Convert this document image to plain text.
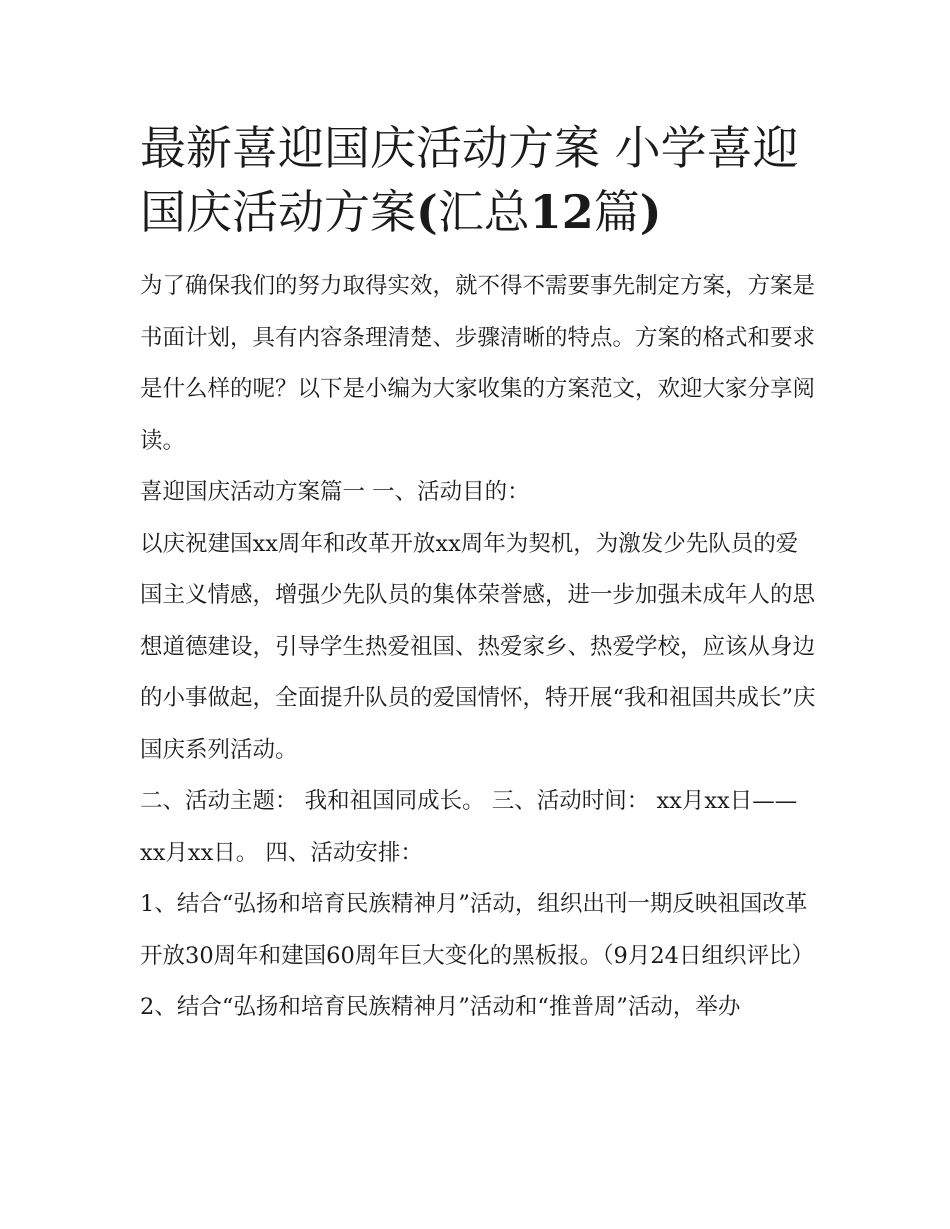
最新喜迎国庆活动方案 小学喜迎国庆活动方案(汇总12篇)

为了确保我们的努力取得实效，就不得不需要事先制定方案，方案是书面计划，具有内容条理清楚、步骤清晰的特点。方案的格式和要求是什么样的呢？以下是小编为大家收集的方案范文，欢迎大家分享阅读。

喜迎国庆活动方案篇一 一、活动目的：

以庆祝建国xx周年和改革开放xx周年为契机，为激发少先队员的爱国主义情感，增强少先队员的集体荣誉感，进一步加强未成年人的思想道德建设，引导学生热爱祖国、热爱家乡、热爱学校，应该从身边的小事做起，全面提升队员的爱国情怀，特开展“我和祖国共成长”庆国庆系列活动。

二、活动主题： 我和祖国同成长。 三、活动时间： xx月xx日——xx月xx日。 四、活动安排：

1、结合“弘扬和培育民族精神月”活动，组织出刊一期反映祖国改革开放30周年和建国60周年巨大变化的黑板报。（9月24日组织评比）

2、结合“弘扬和培育民族精神月”活动和“推普周”活动，举办
